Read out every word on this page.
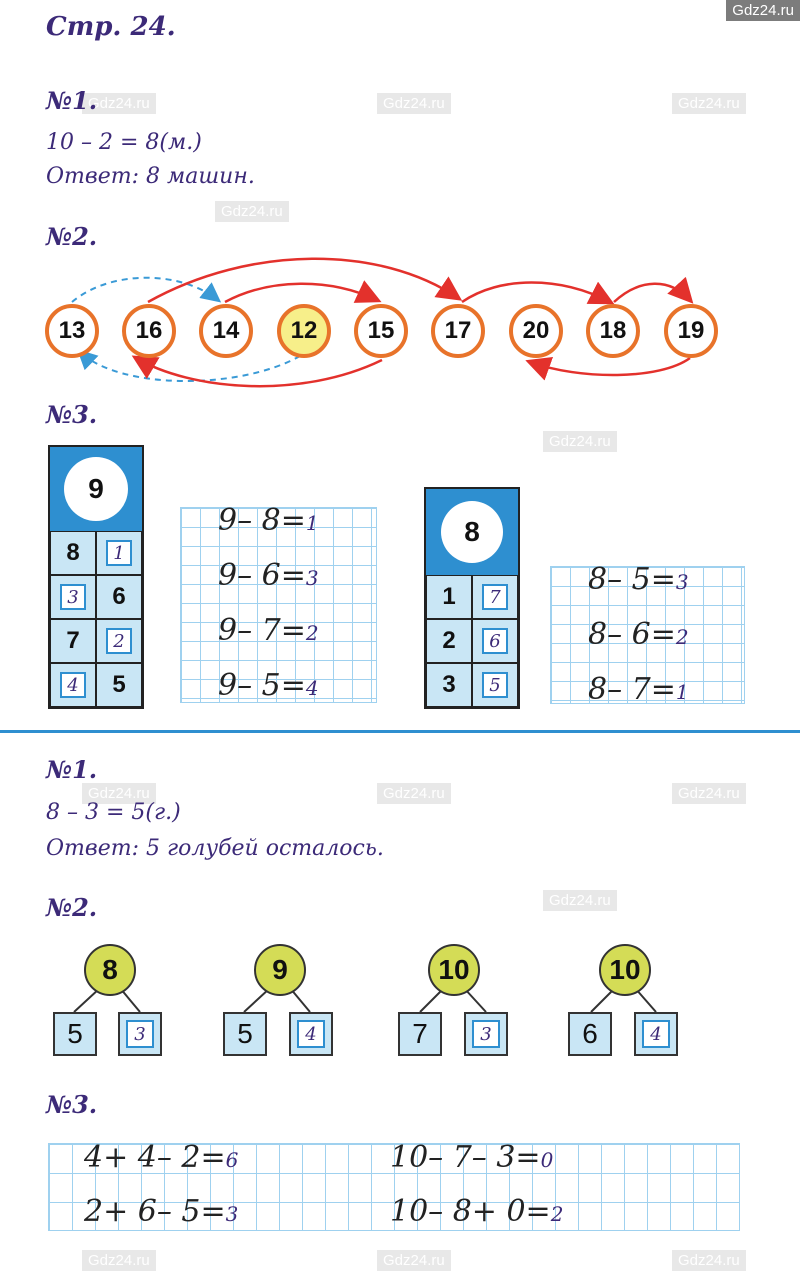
Gdz24.ru
Gdz24.ru	Gdz24.ru	Gdz24.ru
Gdz24.ru
Gdz24.ru
Gdz24.ru	Gdz24.ru	Gdz24.ru
Gdz24.ru
Gdz24.ru	Gdz24.ru	Gdz24.ru
Стр. 24.
№1.
10 – 2 = 8(м.)
Ответ: 8 машин.
№2.
13	16	14	12	15	17	20	18	19
№3.
9
8	1
3	6
7	2
4	5
9– 8=1
9– 6=3
9– 7=2
9– 5=4
8
1	7
2	6
3	5
8– 5=3
8– 6=2
8– 7=1
№1.
8 – 3 = 5(г.)
Ответ: 5 голубей осталось.
№2.
8
5	3
9
5	4
10
7	3
10
6	4
№3.
4+ 4– 2=6	10– 7– 3=0
2+ 6– 5=3	10– 8+ 0=2
